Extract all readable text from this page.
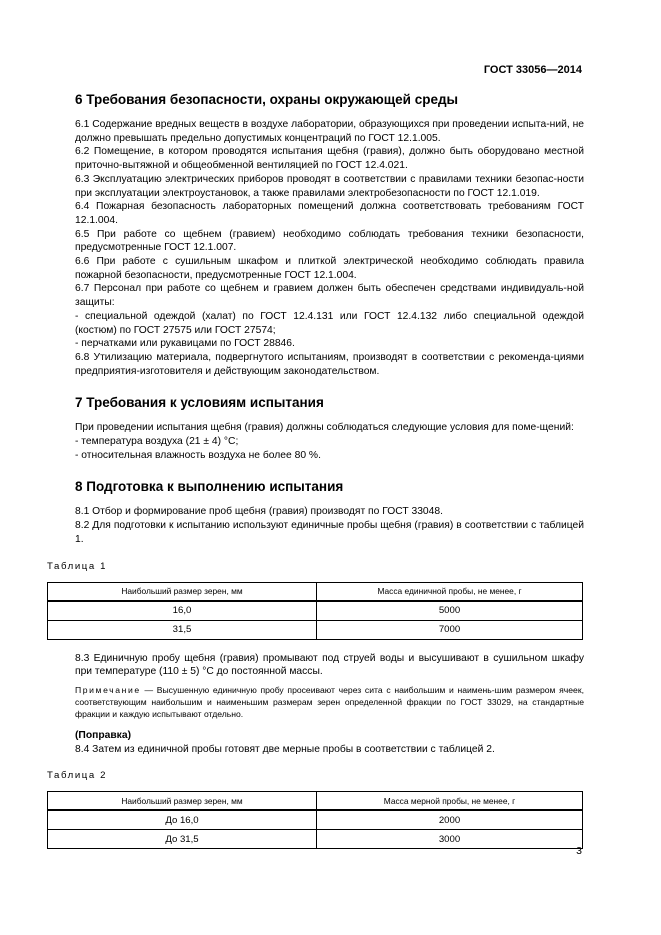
ГОСТ 33056—2014
6 Требования безопасности, охраны окружающей среды

6.1 Содержание вредных веществ в воздухе лаборатории, образующихся при проведении испыта-ний, не должно превышать предельно допустимых концентраций по ГОСТ 12.1.005.

6.2 Помещение, в котором проводятся испытания щебня (гравия), должно быть оборудовано местной приточно-вытяжной и общеобменной вентиляцией по ГОСТ 12.4.021.

6.3 Эксплуатацию электрических приборов проводят в соответствии с правилами техники безопас-ности при эксплуатации электроустановок, а также правилами электробезопасности по ГОСТ 12.1.019.

6.4 Пожарная безопасность лабораторных помещений должна соответствовать требованиям ГОСТ 12.1.004.

6.5 При работе со щебнем (гравием) необходимо соблюдать требования техники безопасности, предусмотренные ГОСТ 12.1.007.

6.6 При работе с сушильным шкафом и плиткой электрической необходимо соблюдать правила пожарной безопасности, предусмотренные ГОСТ 12.1.004.

6.7 Персонал при работе со щебнем и гравием должен быть обеспечен средствами индивидуаль-ной защиты:

- специальной одеждой (халат) по ГОСТ 12.4.131 или ГОСТ 12.4.132 либо специальной одеждой (костюм) по ГОСТ 27575 или ГОСТ 27574;

- перчатками или рукавицами по ГОСТ 28846.

6.8 Утилизацию материала, подвергнутого испытаниям, производят в соответствии с рекоменда-циями предприятия-изготовителя и действующим законодательством.

7 Требования к условиям испытания

При проведении испытания щебня (гравия) должны соблюдаться следующие условия для поме-щений:

- температура воздуха (21 ± 4) °С;

- относительная влажность воздуха не более 80 %.

8 Подготовка к выполнению испытания

8.1 Отбор и формирование проб щебня (гравия) производят по ГОСТ 33048.

8.2 Для подготовки к испытанию используют единичные пробы щебня (гравия) в соответствии с таблицей 1.

Таблица 1

Наибольший размер зерен, мм	Масса единичной пробы, не менее, г
16,0	5000
31,5	7000

8.3 Единичную пробу щебня (гравия) промывают под струей воды и высушивают в сушильном шкафу при температуре (110 ± 5) °С до постоянной массы.

Примечание — Высушенную единичную пробу просеивают через сита с наибольшим и наимень-шим размером ячеек, соответствующим наибольшим и наименьшим размерам зерен определенной фракции по ГОСТ 33029, на стандартные фракции и каждую испытывают отдельно.

(Поправка)

8.4 Затем из единичной пробы готовят две мерные пробы в соответствии с таблицей 2.

Таблица 2

Наибольший размер зерен, мм	Масса мерной пробы, не менее, г
До 16,0	2000
До 31,5	3000
3
